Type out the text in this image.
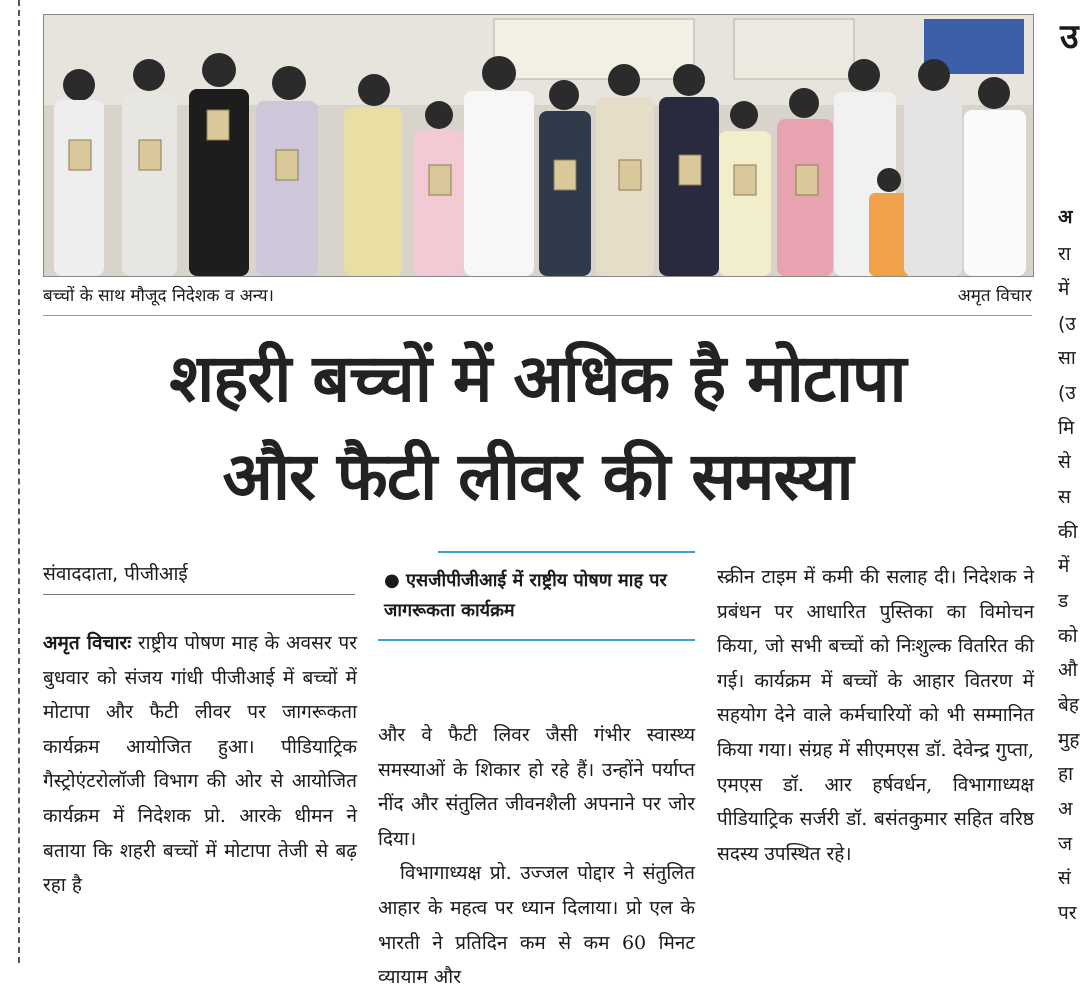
बच्चों के साथ मौजूद निदेशक व अन्य।	अमृत विचार
शहरी बच्चों में अधिक है मोटापा
और फैटी लीवर की समस्या
संवाददाता, पीजीआई	● एसजीपीजीआई में राष्ट्रीय पोषण माह पर जागरूकता कार्यक्रम

अमृत विचारः राष्ट्रीय पोषण माह के अवसर पर बुधवार को संजय गांधी पीजीआई में बच्चों में मोटापा और फैटी लीवर पर जागरूकता कार्यक्रम आयोजित हुआ। पीडियाट्रिक गैस्ट्रोएंटरोलॉजी विभाग की ओर से आयोजित कार्यक्रम में निदेशक प्रो. आरके धीमन ने बताया कि शहरी बच्चों में मोटापा तेजी से बढ़ रहा है

और वे फैटी लिवर जैसी गंभीर स्वास्थ्य समस्याओं के शिकार हो रहे हैं। उन्होंने पर्याप्त नींद और संतुलित जीवनशैली अपनाने पर जोर दिया।

विभागाध्यक्ष प्रो. उज्जल पोद्दार ने संतुलित आहार के महत्व पर ध्यान दिलाया। प्रो एल के भारती ने प्रतिदिन कम से कम 60 मिनट व्यायाम और

स्क्रीन टाइम में कमी की सलाह दी। निदेशक ने प्रबंधन पर आधारित पुस्तिका का विमोचन किया, जो सभी बच्चों को निःशुल्क वितरित की गई। कार्यक्रम में बच्चों के आहार वितरण में सहयोग देने वाले कर्मचारियों को भी सम्मानित किया गया। संग्रह में सीएमएस डॉ. देवेन्द्र गुप्ता, एमएस डॉ. आर हर्षवर्धन, विभागाध्यक्ष पीडियाट्रिक सर्जरी डॉ. बसंतकुमार सहित वरिष्ठ सदस्य उपस्थित रहे।

उ
अ
रा
में
(उ
सा
(उ
मि
से
स
की
में
ड
को
औ
बेह
मुह
हा
अ
ज
सं
पर
